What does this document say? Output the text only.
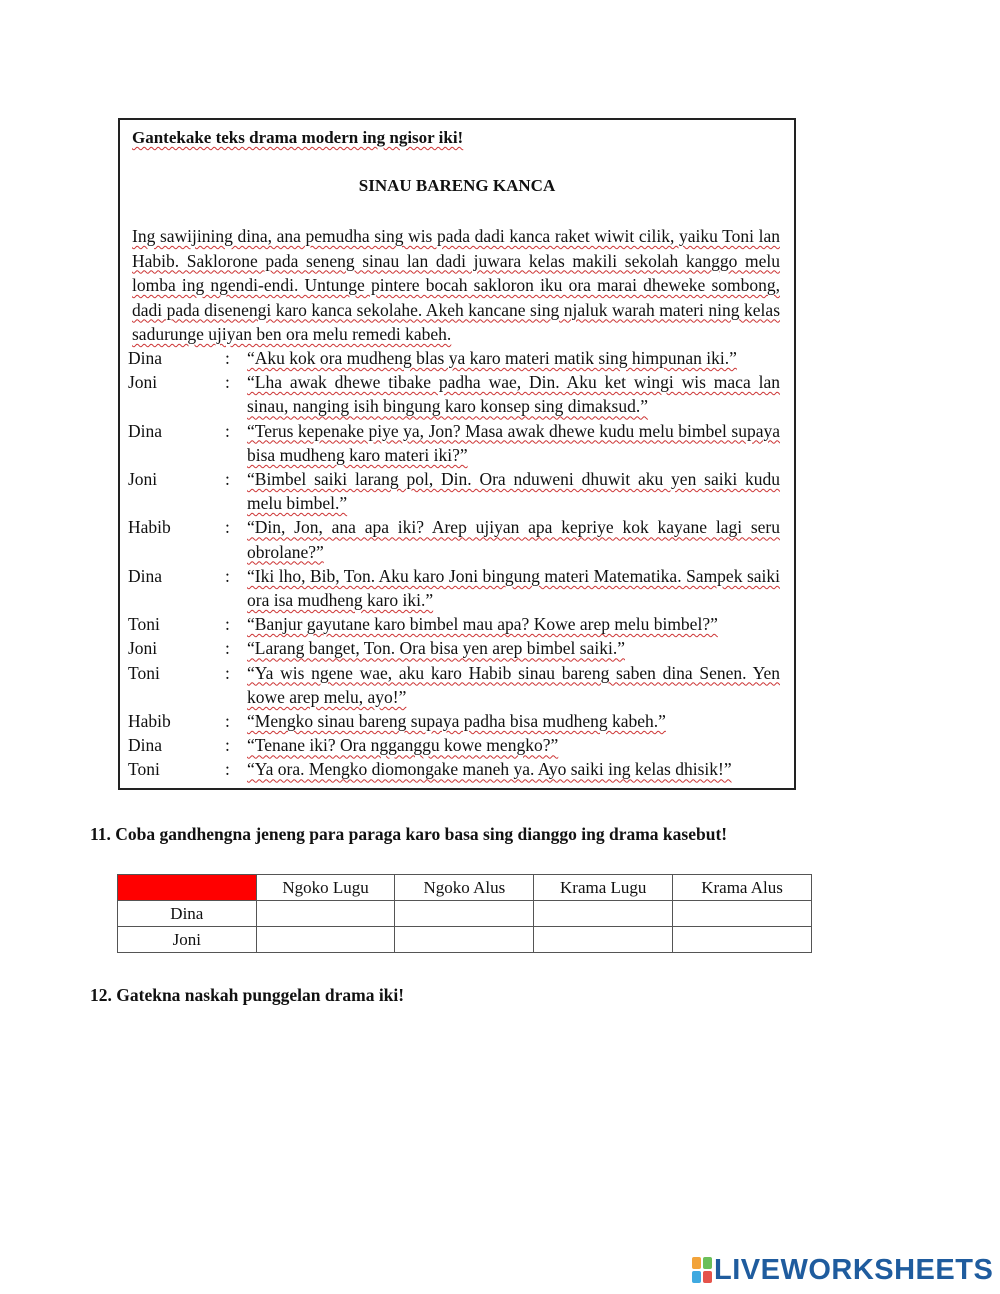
Gantekake teks drama modern ing ngisor iki!
SINAU BARENG KANCA
Ing sawijining dina, ana pemudha sing wis pada dadi kanca raket wiwit cilik, yaiku Toni lan Habib. Saklorone pada seneng sinau lan dadi juwara kelas makili sekolah kanggo melu lomba ing ngendi-endi. Untunge pintere bocah sakloron iku ora marai dheweke sombong, dadi pada disenengi karo kanca sekolahe. Akeh kancane sing njaluk warah materi ning kelas sadurunge ujiyan ben ora melu remedi kabeh.
Dina	: “Aku kok ora mudheng blas ya karo materi matik sing himpunan iki.”
Joni	: “Lha awak dhewe tibake padha wae, Din. Aku ket wingi wis maca lan sinau, nanging isih bingung karo konsep sing dimaksud.”
Dina	: “Terus kepenake piye ya, Jon? Masa awak dhewe kudu melu bimbel supaya bisa mudheng karo materi iki?”
Joni	: “Bimbel saiki larang pol, Din. Ora nduweni dhuwit aku yen saiki kudu melu bimbel.”
Habib	: “Din, Jon, ana apa iki? Arep ujiyan apa kepriye kok kayane lagi seru obrolane?”
Dina	: “Iki lho, Bib, Ton. Aku karo Joni bingung materi Matematika. Sampek saiki ora isa mudheng karo iki.”
Toni	: “Banjur gayutane karo bimbel mau apa? Kowe arep melu bimbel?”
Joni	: “Larang banget, Ton. Ora bisa yen arep bimbel saiki.”
Toni	: “Ya wis ngene wae, aku karo Habib sinau bareng saben dina Senen. Yen kowe arep melu, ayo!”
Habib	: “Mengko sinau bareng supaya padha bisa mudheng kabeh.”
Dina	: “Tenane iki? Ora ngganggu kowe mengko?”
Toni	: “Ya ora. Mengko diomongake maneh ya. Ayo saiki ing kelas dhisik!”
11. Coba gandhengna jeneng para paraga karo basa sing dianggo ing drama kasebut!
	Ngoko Lugu	Ngoko Alus	Krama Lugu	Krama Alus
Dina				
Joni				
12. Gatekna naskah punggelan drama iki!
LIVEWORKSHEETS
